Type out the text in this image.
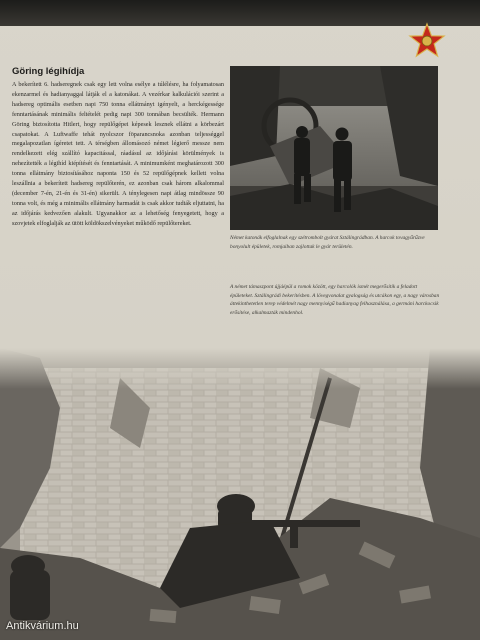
Göring légihídja
A bekerített 6. hadseregnek csak egy lett volna esélye a túlélésre, ha folyamatosan ekenzarmel és hadianyaggal látják el a katonákat. A vezérkar kalkulációi szerint a hadsereg optimális esetben napi 750 tonna ellátmányt igényelt, a herckégessége fenntartásának minimális feltételét pedig napi 300 tonnában becsülték. Hermann Göring biztosította Hitlert, hogy repülőgépei képesek lesznek ellátni a körbezárt csapatokat. A Luftwaffe tehát nyolcszor föparancsnoka azonban teljességgel megalapozatlan ígéretet tett. A térségben állomásozó német légierő messze nem rendelkezett elég szállító kapacitással, ráadásul az időjárási körülmények is nehezítették a légihíd kiépítését és fenntartását. A minimumként meghatározott 300 tonna ellátmány biztosításához naponta 150 és 52 repülőgépnek kellett volna leszállnia a bekerített hadsereg repülőterén, ez azonban csak három alkalommal (december 7-én, 21-én és 31-én) sikerült. A ténylegesen napi átlag mindössze 90 tonna volt, és még a minimális ellátmány harmadát is csak akkor tudták eljuttatni, ha az időjárás kedvezően alakult. Ugyanakkor az a lehetőség fenyegetett, hogy a szovjetek elfoglalják az ütött köldökszelvényeket működő repülőtereket.
Német katonák elfoglalnak egy szétrombolt gyárat Sztálingrádban. A harcok tovagyűrűzve bonyolult épületek, romjaiban zajlottak le gyár területén.
A német támaszpont újjáépül a romok között, egy harcolók ismét megerősítik a feladott épületeket. Sztálingrádi bekerítésben. A lövegvonalat gyalogság és utcákon egy, a nagy városban áttekinthetetlen terep védelmét nagy mennyiségű hadianyag felhasználása, a germáni harckocsik erősítése, alkalmazták mindenhol.
Antikvárium.hu
